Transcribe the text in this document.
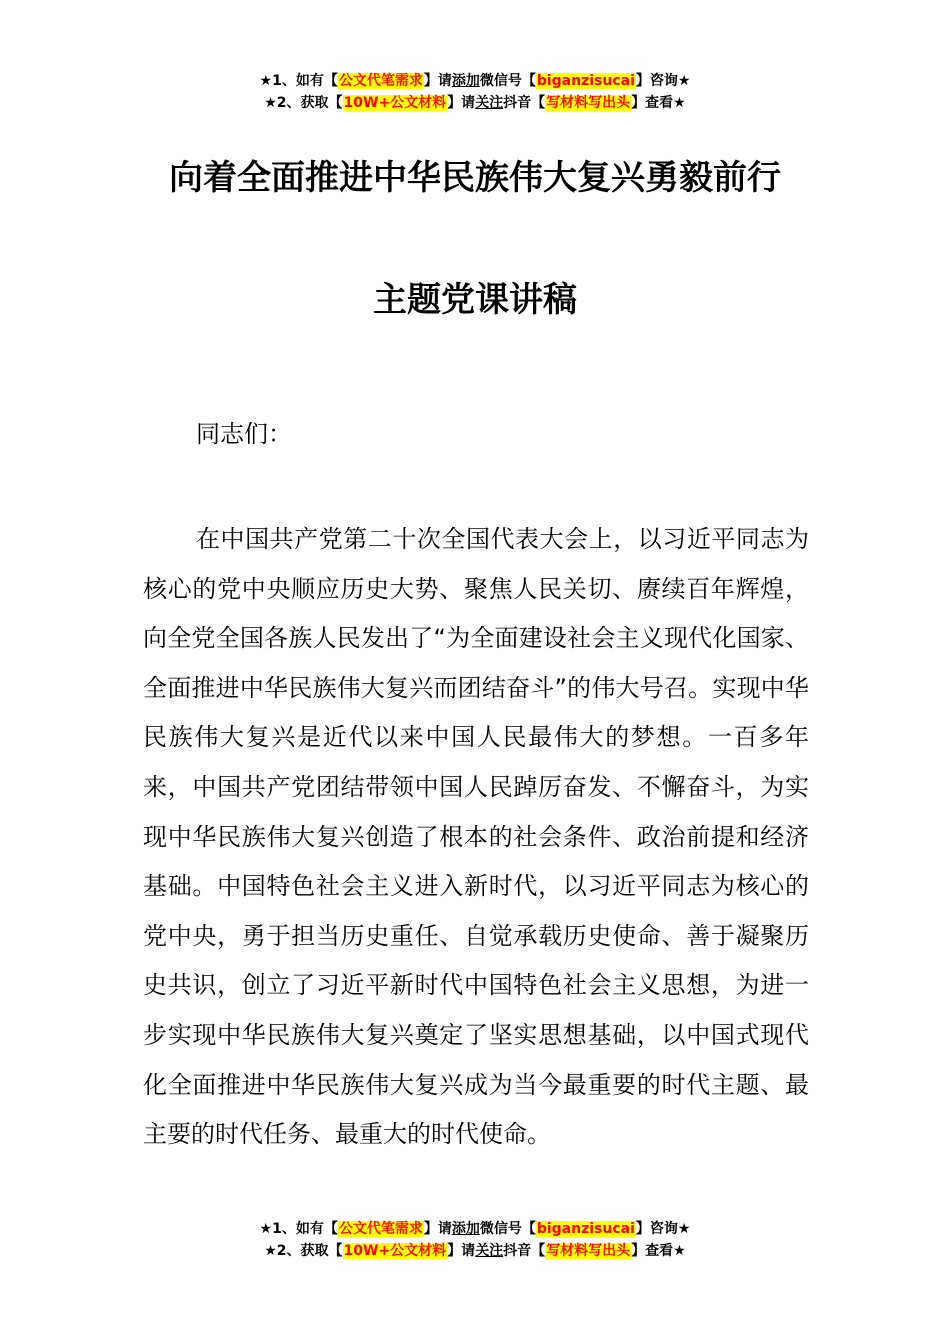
★1、如有【公文代笔需求】请添加微信号【biganzisucai】咨询★
★2、获取【10W+公文材料】请关注抖音【写材料写出头】查看★
向着全面推进中华民族伟大复兴勇毅前行
主题党课讲稿
同志们：

在中国共产党第二十次全国代表大会上，以习近平同志为核心的党中央顺应历史大势、聚焦人民关切、赓续百年辉煌，向全党全国各族人民发出了“为全面建设社会主义现代化国家、全面推进中华民族伟大复兴而团结奋斗”的伟大号召。实现中华民族伟大复兴是近代以来中国人民最伟大的梦想。一百多年来，中国共产党团结带领中国人民踔厉奋发、不懈奋斗，为实现中华民族伟大复兴创造了根本的社会条件、政治前提和经济基础。中国特色社会主义进入新时代，以习近平同志为核心的党中央，勇于担当历史重任、自觉承载历史使命、善于凝聚历史共识，创立了习近平新时代中国特色社会主义思想，为进一步实现中华民族伟大复兴奠定了坚实思想基础，以中国式现代化全面推进中华民族伟大复兴成为当今最重要的时代主题、最主要的时代任务、最重大的时代使命。

★1、如有【公文代笔需求】请添加微信号【biganzisucai】咨询★
★2、获取【10W+公文材料】请关注抖音【写材料写出头】查看★
